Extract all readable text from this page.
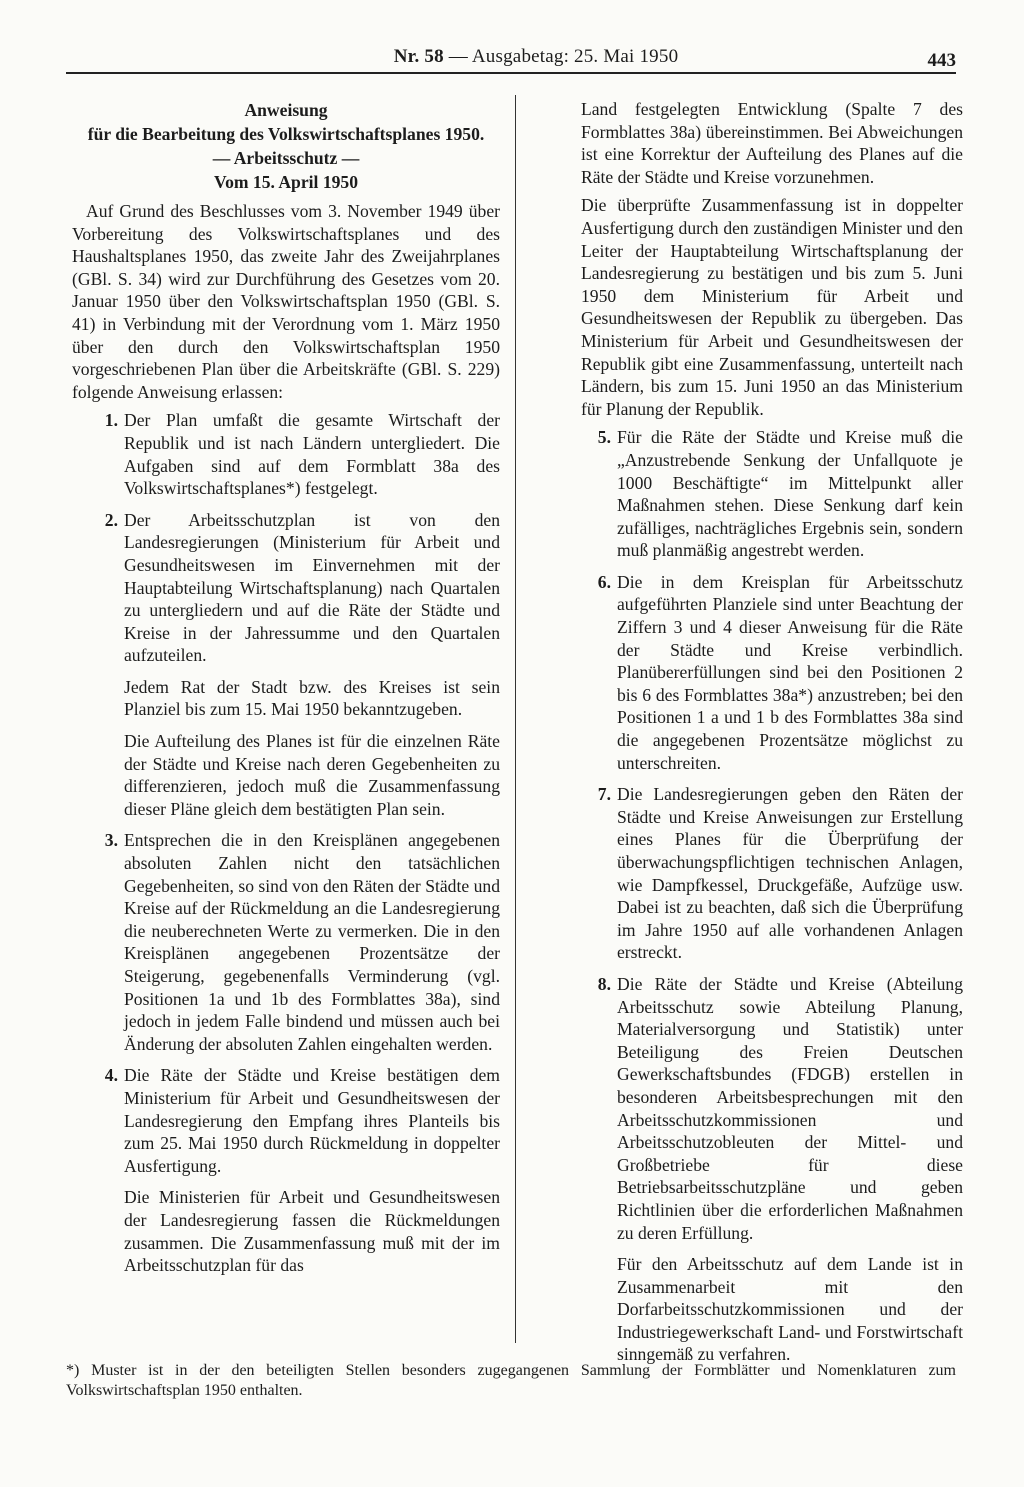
Nr. 58 — Ausgabetag: 25. Mai 1950	443
Anweisung
für die Bearbeitung des Volkswirtschaftsplanes 1950.
— Arbeitsschutz —
Vom 15. April 1950

Auf Grund des Beschlusses vom 3. November 1949 über Vorbereitung des Volkswirtschaftsplanes und des Haushaltsplanes 1950, das zweite Jahr des Zweijahrplanes (GBl. S. 34) wird zur Durchführung des Gesetzes vom 20. Januar 1950 über den Volkswirtschaftsplan 1950 (GBl. S. 41) in Verbindung mit der Verordnung vom 1. März 1950 über den durch den Volkswirtschaftsplan 1950 vorgeschriebenen Plan über die Arbeitskräfte (GBl. S. 229) folgende Anweisung erlassen:

1. Der Plan umfaßt die gesamte Wirtschaft der Republik und ist nach Ländern untergliedert. Die Aufgaben sind auf dem Formblatt 38a des Volkswirtschaftsplanes*) festgelegt.
2. Der Arbeitsschutzplan ist von den Landesregierungen (Ministerium für Arbeit und Gesundheitswesen im Einvernehmen mit der Hauptabteilung Wirtschaftsplanung) nach Quartalen zu untergliedern und auf die Räte der Städte und Kreise in der Jahressumme und den Quartalen aufzuteilen.

Jedem Rat der Stadt bzw. des Kreises ist sein Planziel bis zum 15. Mai 1950 bekanntzugeben.

Die Aufteilung des Planes ist für die einzelnen Räte der Städte und Kreise nach deren Gegebenheiten zu differenzieren, jedoch muß die Zusammenfassung dieser Pläne gleich dem bestätigten Plan sein.

3. Entsprechen die in den Kreisplänen angegebenen absoluten Zahlen nicht den tatsächlichen Gegebenheiten, so sind von den Räten der Städte und Kreise auf der Rückmeldung an die Landesregierung die neuberechneten Werte zu vermerken. Die in den Kreisplänen angegebenen Prozentsätze der Steigerung, gegebenenfalls Verminderung (vgl. Positionen 1a und 1b des Formblattes 38a), sind jedoch in jedem Falle bindend und müssen auch bei Änderung der absoluten Zahlen eingehalten werden.
4. Die Räte der Städte und Kreise bestätigen dem Ministerium für Arbeit und Gesundheitswesen der Landesregierung den Empfang ihres Planteils bis zum 25. Mai 1950 durch Rückmeldung in doppelter Ausfertigung.

Die Ministerien für Arbeit und Gesundheitswesen der Landesregierung fassen die Rückmeldungen zusammen. Die Zusammenfassung muß mit der im Arbeitsschutzplan für das

Land festgelegten Entwicklung (Spalte 7 des Formblattes 38a) übereinstimmen. Bei Abweichungen ist eine Korrektur der Aufteilung des Planes auf die Räte der Städte und Kreise vorzunehmen.

Die überprüfte Zusammenfassung ist in doppelter Ausfertigung durch den zuständigen Minister und den Leiter der Hauptabteilung Wirtschaftsplanung der Landesregierung zu bestätigen und bis zum 5. Juni 1950 dem Ministerium für Arbeit und Gesundheitswesen der Republik zu übergeben. Das Ministerium für Arbeit und Gesundheitswesen der Republik gibt eine Zusammenfassung, unterteilt nach Ländern, bis zum 15. Juni 1950 an das Ministerium für Planung der Republik.

5. Für die Räte der Städte und Kreise muß die „Anzustrebende Senkung der Unfallquote je 1000 Beschäftigte“ im Mittelpunkt aller Maßnahmen stehen. Diese Senkung darf kein zufälliges, nachträgliches Ergebnis sein, sondern muß planmäßig angestrebt werden.
6. Die in dem Kreisplan für Arbeitsschutz aufgeführten Planziele sind unter Beachtung der Ziffern 3 und 4 dieser Anweisung für die Räte der Städte und Kreise verbindlich. Planübererfüllungen sind bei den Positionen 2 bis 6 des Formblattes 38a*) anzustreben; bei den Positionen 1 a und 1 b des Formblattes 38a sind die angegebenen Prozentsätze möglichst zu unterschreiten.
7. Die Landesregierungen geben den Räten der Städte und Kreise Anweisungen zur Erstellung eines Planes für die Überprüfung der überwachungspflichtigen technischen Anlagen, wie Dampfkessel, Druckgefäße, Aufzüge usw. Dabei ist zu beachten, daß sich die Überprüfung im Jahre 1950 auf alle vorhandenen Anlagen erstreckt.
8. Die Räte der Städte und Kreise (Abteilung Arbeitsschutz sowie Abteilung Planung, Materialversorgung und Statistik) unter Beteiligung des Freien Deutschen Gewerkschaftsbundes (FDGB) erstellen in besonderen Arbeitsbesprechungen mit den Arbeitsschutzkommissionen und Arbeitsschutzobleuten der Mittel- und Großbetriebe für diese Betriebsarbeitsschutzpläne und geben Richtlinien über die erforderlichen Maßnahmen zu deren Erfüllung.

Für den Arbeitsschutz auf dem Lande ist in Zusammenarbeit mit den Dorfarbeitsschutzkommissionen und der Industriegewerkschaft Land- und Forstwirtschaft sinngemäß zu verfahren.

*) Muster ist in der den beteiligten Stellen besonders zugegangenen Sammlung der Formblätter und Nomenklaturen zum Volkswirtschaftsplan 1950 enthalten.
